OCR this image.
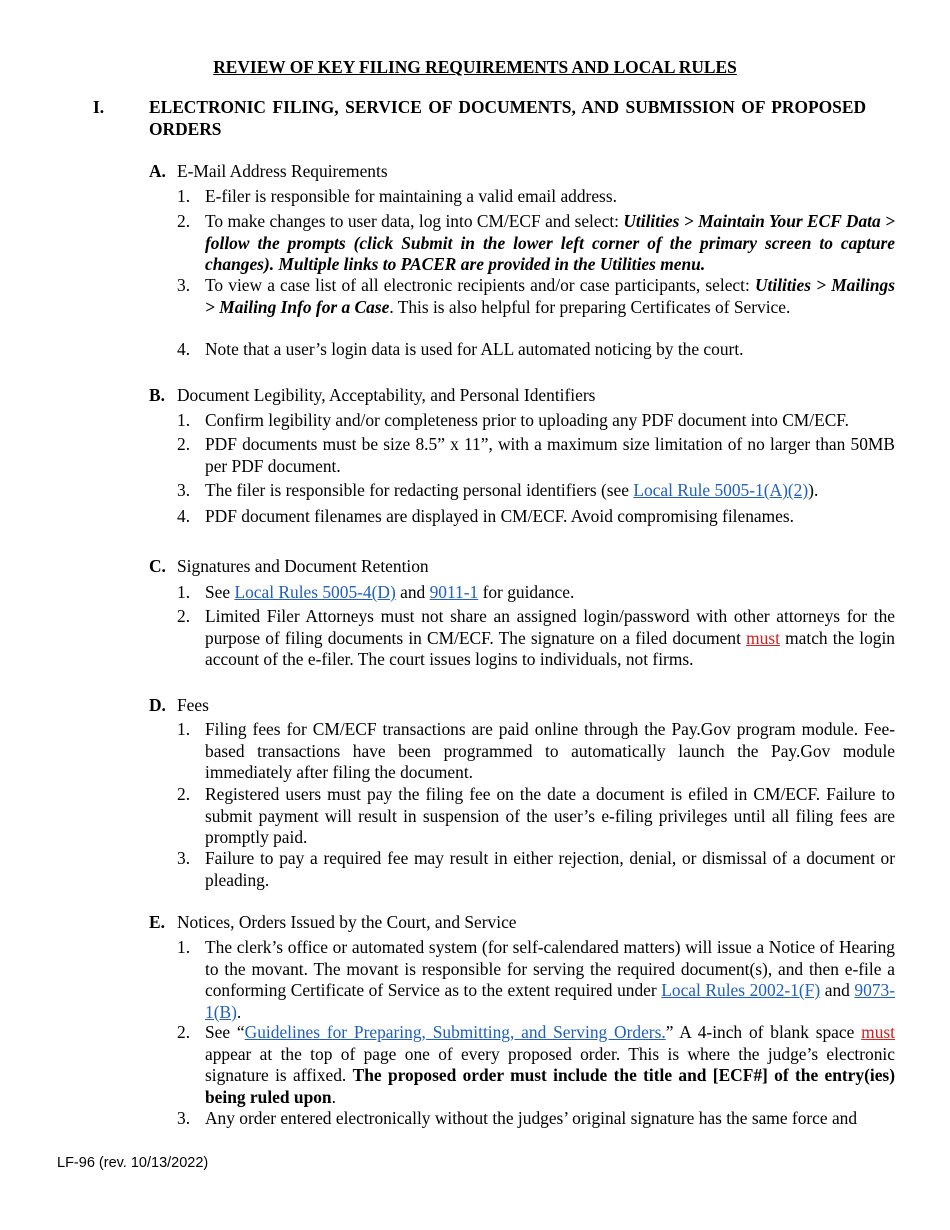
REVIEW OF KEY FILING REQUIREMENTS AND LOCAL RULES
I.	ELECTRONIC FILING, SERVICE OF DOCUMENTS, AND SUBMISSION OF PROPOSED ORDERS
A. E-Mail Address Requirements
1. E-filer is responsible for maintaining a valid email address.
2. To make changes to user data, log into CM/ECF and select: Utilities > Maintain Your ECF Data > follow the prompts (click Submit in the lower left corner of the primary screen to capture changes). Multiple links to PACER are provided in the Utilities menu.
3. To view a case list of all electronic recipients and/or case participants, select: Utilities > Mailings > Mailing Info for a Case. This is also helpful for preparing Certificates of Service.
4. Note that a user’s login data is used for ALL automated noticing by the court.
B. Document Legibility, Acceptability, and Personal Identifiers
1. Confirm legibility and/or completeness prior to uploading any PDF document into CM/ECF.
2. PDF documents must be size 8.5” x 11”, with a maximum size limitation of no larger than 50MB per PDF document.
3. The filer is responsible for redacting personal identifiers (see Local Rule 5005-1(A)(2)).
4. PDF document filenames are displayed in CM/ECF. Avoid compromising filenames.
C. Signatures and Document Retention
1. See Local Rules 5005-4(D) and 9011-1 for guidance.
2. Limited Filer Attorneys must not share an assigned login/password with other attorneys for the purpose of filing documents in CM/ECF. The signature on a filed document must match the login account of the e-filer. The court issues logins to individuals, not firms.
D. Fees
1. Filing fees for CM/ECF transactions are paid online through the Pay.Gov program module. Fee-based transactions have been programmed to automatically launch the Pay.Gov module immediately after filing the document.
2. Registered users must pay the filing fee on the date a document is efiled in CM/ECF. Failure to submit payment will result in suspension of the user’s e-filing privileges until all filing fees are promptly paid.
3. Failure to pay a required fee may result in either rejection, denial, or dismissal of a document or pleading.
E. Notices, Orders Issued by the Court, and Service
1. The clerk’s office or automated system (for self-calendared matters) will issue a Notice of Hearing to the movant. The movant is responsible for serving the required document(s), and then e-file a conforming Certificate of Service as to the extent required under Local Rules 2002-1(F) and 9073-1(B).
2. See “Guidelines for Preparing, Submitting, and Serving Orders.” A 4-inch of blank space must appear at the top of page one of every proposed order. This is where the judge’s electronic signature is affixed. The proposed order must include the title and [ECF#] of the entry(ies) being ruled upon.
3. Any order entered electronically without the judges’ original signature has the same force and
LF-96 (rev. 10/13/2022)
